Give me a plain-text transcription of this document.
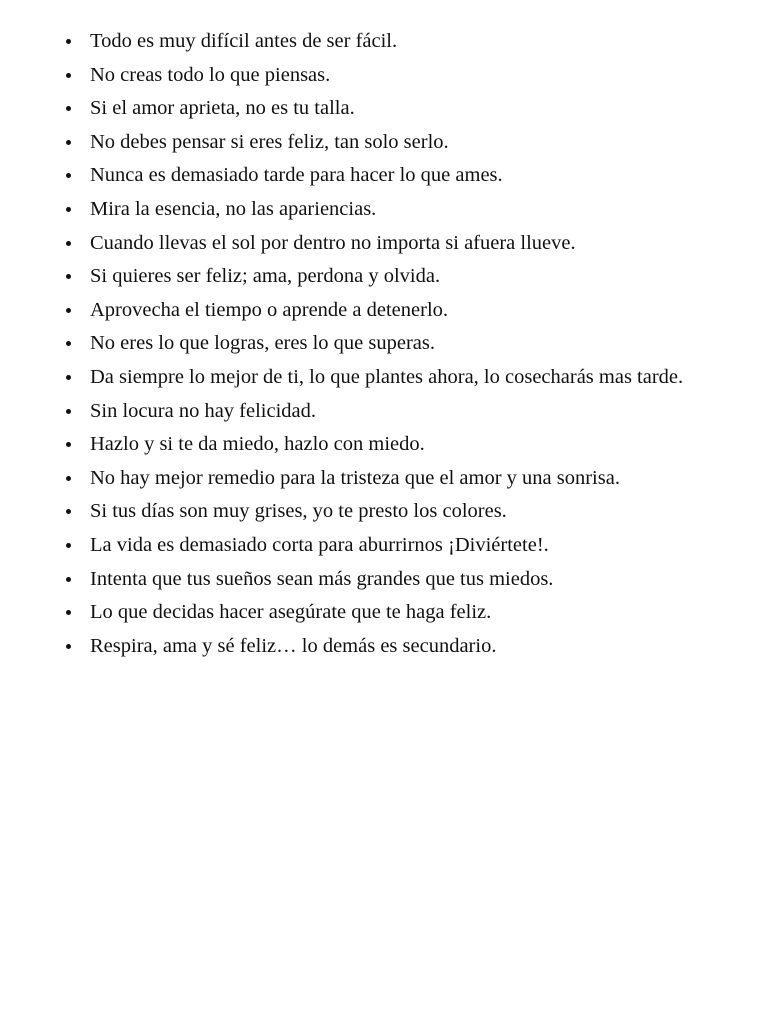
Todo es muy difícil antes de ser fácil.
No creas todo lo que piensas.
Si el amor aprieta, no es tu talla.
No debes pensar si eres feliz, tan solo serlo.
Nunca es demasiado tarde para hacer lo que ames.
Mira la esencia, no las apariencias.
Cuando llevas el sol por dentro no importa si afuera llueve.
Si quieres ser feliz; ama, perdona y olvida.
Aprovecha el tiempo o aprende a detenerlo.
No eres lo que logras, eres lo que superas.
Da siempre lo mejor de ti, lo que plantes ahora, lo cosecharás mas tarde.
Sin locura no hay felicidad.
Hazlo y si te da miedo, hazlo con miedo.
No hay mejor remedio para la tristeza que el amor y una sonrisa.
Si tus días son muy grises, yo te presto los colores.
La vida es demasiado corta para aburrirnos ¡Diviértete!.
Intenta que tus sueños sean más grandes que tus miedos.
Lo que decidas hacer asegúrate que te haga feliz.
Respira, ama y sé feliz… lo demás es secundario.
